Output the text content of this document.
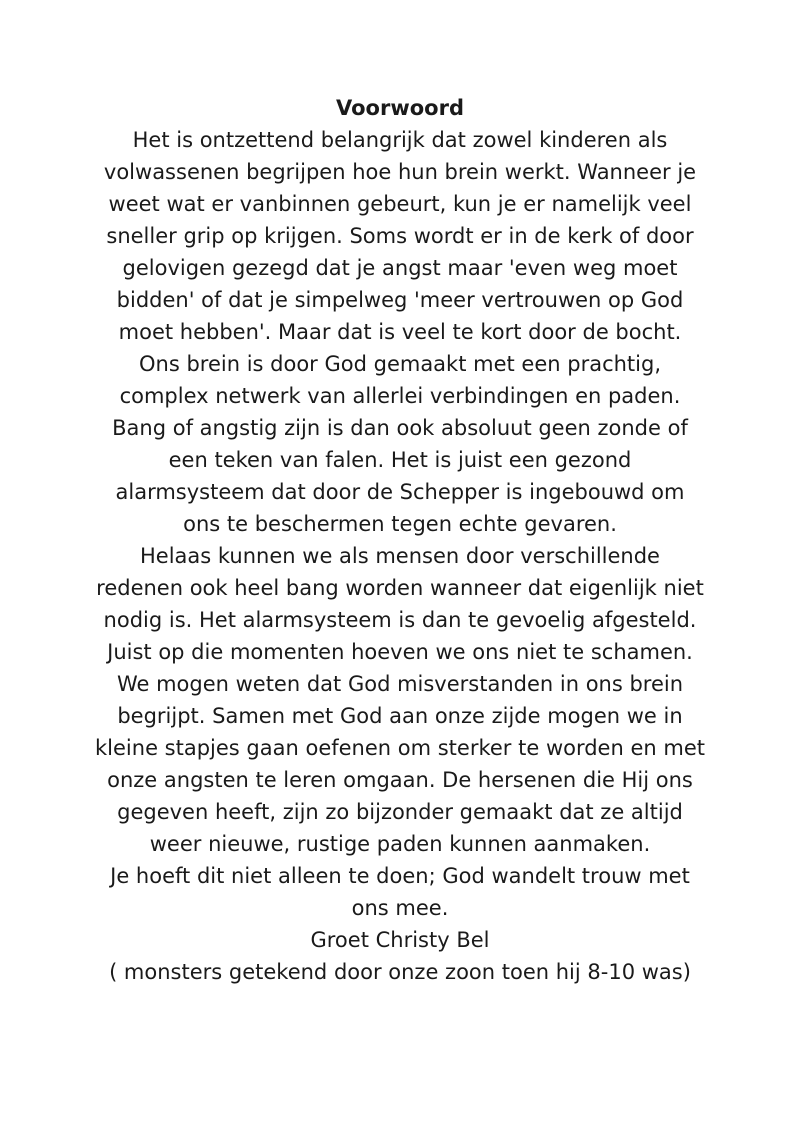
Voorwoord
Het is ontzettend belangrijk dat zowel kinderen als
volwassenen begrijpen hoe hun brein werkt. Wanneer je
weet wat er vanbinnen gebeurt, kun je er namelijk veel
sneller grip op krijgen. Soms wordt er in de kerk of door
gelovigen gezegd dat je angst maar 'even weg moet
bidden' of dat je simpelweg 'meer vertrouwen op God
moet hebben'. Maar dat is veel te kort door de bocht.
Ons brein is door God gemaakt met een prachtig,
complex netwerk van allerlei verbindingen en paden.
Bang of angstig zijn is dan ook absoluut geen zonde of
een teken van falen. Het is juist een gezond
alarmsysteem dat door de Schepper is ingebouwd om
ons te beschermen tegen echte gevaren.
Helaas kunnen we als mensen door verschillende
redenen ook heel bang worden wanneer dat eigenlijk niet
nodig is. Het alarmsysteem is dan te gevoelig afgesteld.
Juist op die momenten hoeven we ons niet te schamen.
We mogen weten dat God misverstanden in ons brein
begrijpt. Samen met God aan onze zijde mogen we in
kleine stapjes gaan oefenen om sterker te worden en met
onze angsten te leren omgaan. De hersenen die Hij ons
gegeven heeft, zijn zo bijzonder gemaakt dat ze altijd
weer nieuwe, rustige paden kunnen aanmaken.
Je hoeft dit niet alleen te doen; God wandelt trouw met
ons mee.
Groet Christy Bel
( monsters getekend door onze zoon toen hij 8-10 was)
